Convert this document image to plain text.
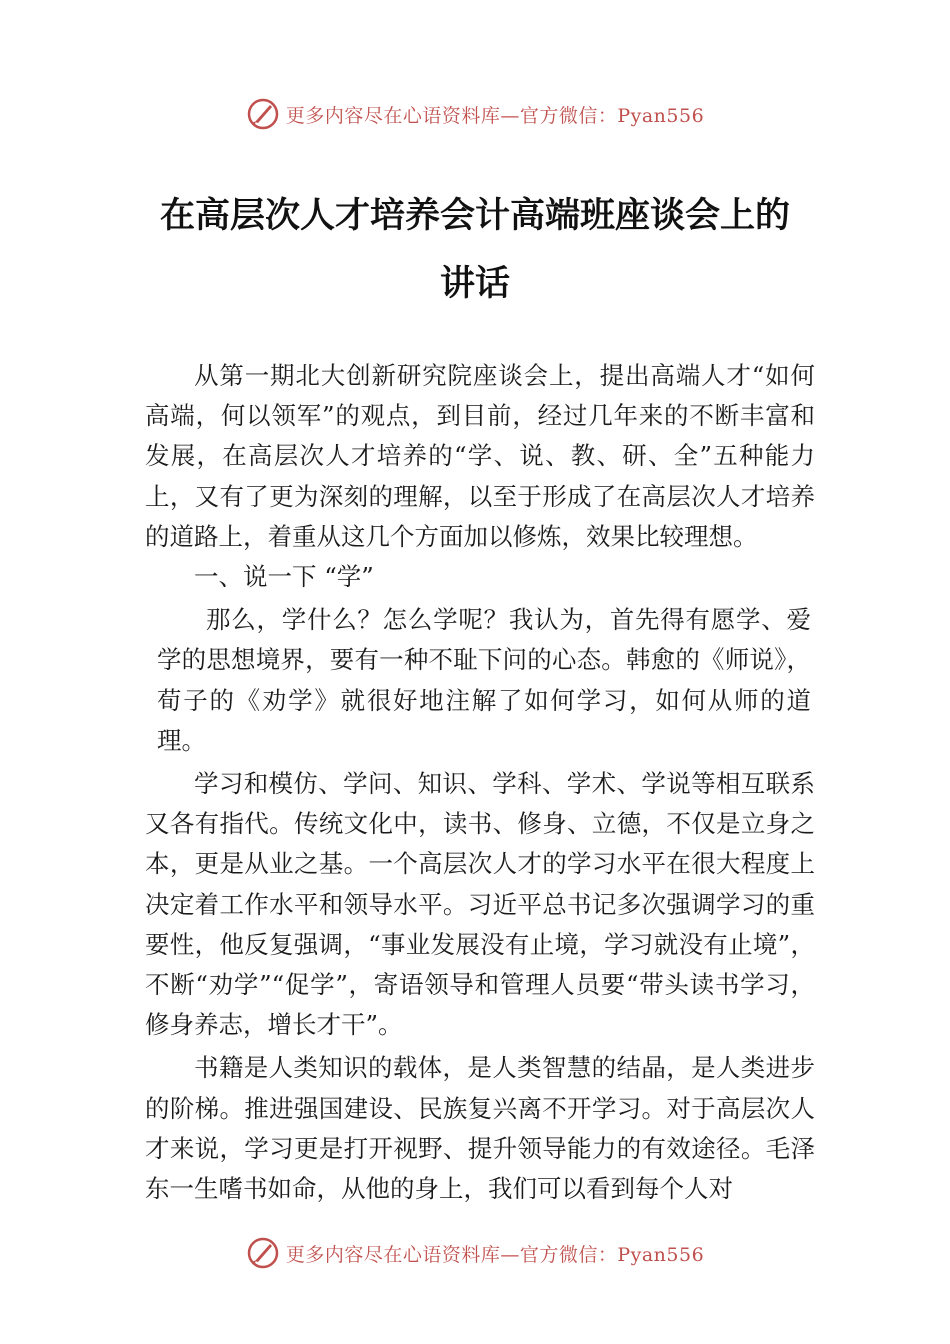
更多内容尽在心语资料库—官方微信：Pyan556
在高层次人才培养会计高端班座谈会上的
讲话

从第一期北大创新研究院座谈会上，提出高端人才“如何高端，何以领军”的观点，到目前，经过几年来的不断丰富和发展，在高层次人才培养的“学、说、教、研、全”五种能力上，又有了更为深刻的理解，以至于形成了在高层次人才培养的道路上，着重从这几个方面加以修炼，效果比较理想。

一、说一下 “学”

那么，学什么？怎么学呢？我认为，首先得有愿学、爱学的思想境界，要有一种不耻下问的心态。韩愈的《师说》，荀子的《劝学》就很好地注解了如何学习，如何从师的道理。

学习和模仿、学问、知识、学科、学术、学说等相互联系又各有指代。传统文化中，读书、修身、立德，不仅是立身之本，更是从业之基。一个高层次人才的学习水平在很大程度上决定着工作水平和领导水平。习近平总书记多次强调学习的重要性，他反复强调，“事业发展没有止境，学习就没有止境”，不断“劝学”“促学”，寄语领导和管理人员要“带头读书学习，修身养志，增长才干”。

书籍是人类知识的载体，是人类智慧的结晶，是人类进步的阶梯。推进强国建设、民族复兴离不开学习。对于高层次人才来说，学习更是打开视野、提升领导能力的有效途径。毛泽东一生嗜书如命，从他的身上，我们可以看到每个人对

更多内容尽在心语资料库—官方微信：Pyan556
